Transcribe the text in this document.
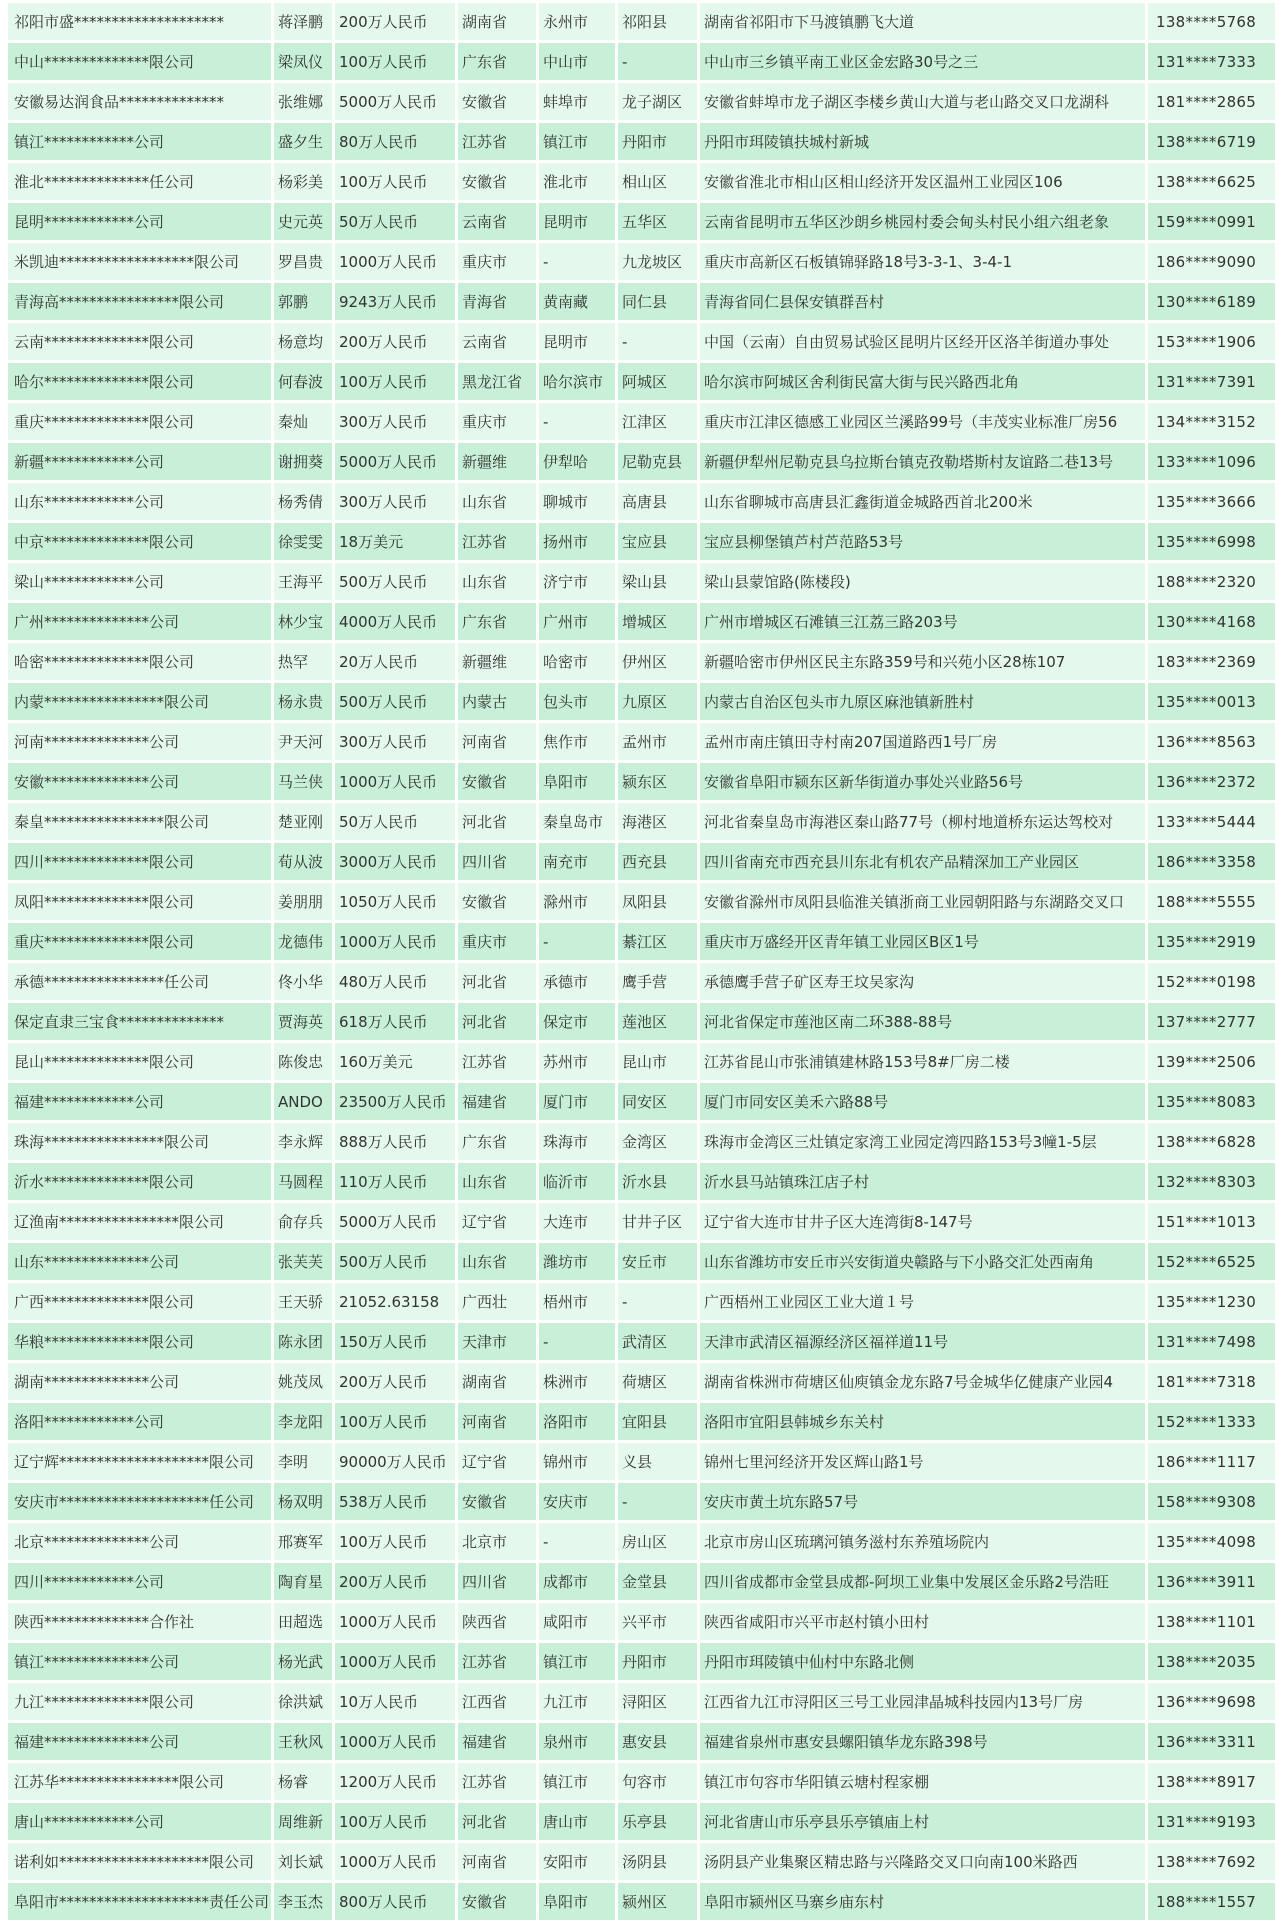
祁阳市盛********************	蒋泽鹏	200万人民币	湖南省	永州市	祁阳县	湖南省祁阳市下马渡镇鹏飞大道	138****5768
中山**************限公司	梁凤仪	100万人民币	广东省	中山市	-	中山市三乡镇平南工业区金宏路30号之三	131****7333
安徽易达润食品**************	张维娜	5000万人民币	安徽省	蚌埠市	龙子湖区	安徽省蚌埠市龙子湖区李楼乡黄山大道与老山路交叉口龙湖科	181****2865
镇江************公司	盛夕生	80万人民币	江苏省	镇江市	丹阳市	丹阳市珥陵镇扶城村新城	138****6719
淮北**************任公司	杨彩美	100万人民币	安徽省	淮北市	相山区	安徽省淮北市相山区相山经济开发区温州工业园区106	138****6625
昆明************公司	史元英	50万人民币	云南省	昆明市	五华区	云南省昆明市五华区沙朗乡桃园村委会甸头村民小组六组老象	159****0991
米凯迪******************限公司	罗昌贵	1000万人民币	重庆市	-	九龙坡区	重庆市高新区石板镇锦驿路18号3-3-1、3-4-1	186****9090
青海高****************限公司	郭鹏	9243万人民币	青海省	黄南藏	同仁县	青海省同仁县保安镇群吾村	130****6189
云南**************限公司	杨意均	200万人民币	云南省	昆明市	-	中国（云南）自由贸易试验区昆明片区经开区洛羊街道办事处	153****1906
哈尔**************限公司	何春波	100万人民币	黑龙江省	哈尔滨市	阿城区	哈尔滨市阿城区舍利街民富大街与民兴路西北角	131****7391
重庆**************限公司	秦灿	300万人民币	重庆市	-	江津区	重庆市江津区德感工业园区兰溪路99号（丰茂实业标准厂房56	134****3152
新疆************公司	谢拥葵	5000万人民币	新疆维	伊犁哈	尼勒克县	新疆伊犁州尼勒克县乌拉斯台镇克孜勒塔斯村友谊路二巷13号	133****1096
山东************公司	杨秀倩	300万人民币	山东省	聊城市	高唐县	山东省聊城市高唐县汇鑫街道金城路西首北200米	135****3666
中京**************限公司	徐雯雯	18万美元	江苏省	扬州市	宝应县	宝应县柳堡镇芦村芦范路53号	135****6998
梁山************公司	王海平	500万人民币	山东省	济宁市	梁山县	梁山县蒙馆路(陈楼段)	188****2320
广州**************公司	林少宝	4000万人民币	广东省	广州市	增城区	广州市增城区石滩镇三江荔三路203号	130****4168
哈密**************限公司	热罕	20万人民币	新疆维	哈密市	伊州区	新疆哈密市伊州区民主东路359号和兴苑小区28栋107	183****2369
内蒙****************限公司	杨永贵	500万人民币	内蒙古	包头市	九原区	内蒙古自治区包头市九原区麻池镇新胜村	135****0013
河南**************公司	尹天河	300万人民币	河南省	焦作市	孟州市	孟州市南庄镇田寺村南207国道路西1号厂房	136****8563
安徽**************公司	马兰侠	1000万人民币	安徽省	阜阳市	颍东区	安徽省阜阳市颍东区新华街道办事处兴业路56号	136****2372
秦皇****************限公司	楚亚刚	50万人民币	河北省	秦皇岛市	海港区	河北省秦皇岛市海港区秦山路77号（柳村地道桥东运达驾校对	133****5444
四川**************限公司	荀从波	3000万人民币	四川省	南充市	西充县	四川省南充市西充县川东北有机农产品精深加工产业园区	186****3358
凤阳**************限公司	姜朋朋	1050万人民币	安徽省	滁州市	凤阳县	安徽省滁州市凤阳县临淮关镇浙商工业园朝阳路与东湖路交叉口	188****5555
重庆**************限公司	龙德伟	1000万人民币	重庆市	-	綦江区	重庆市万盛经开区青年镇工业园区B区1号	135****2919
承德****************任公司	佟小华	480万人民币	河北省	承德市	鹰手营	承德鹰手营子矿区寿王坟吴家沟	152****0198
保定直隶三宝食**************	贾海英	618万人民币	河北省	保定市	莲池区	河北省保定市莲池区南二环388-88号	137****2777
昆山**************限公司	陈俊忠	160万美元	江苏省	苏州市	昆山市	江苏省昆山市张浦镇建林路153号8#厂房二楼	139****2506
福建************公司	ANDO	23500万人民币	福建省	厦门市	同安区	厦门市同安区美禾六路88号	135****8083
珠海****************限公司	李永辉	888万人民币	广东省	珠海市	金湾区	珠海市金湾区三灶镇定家湾工业园定湾四路153号3幢1-5层	138****6828
沂水**************限公司	马圆程	110万人民币	山东省	临沂市	沂水县	沂水县马站镇珠江店子村	132****8303
辽渔南****************限公司	俞存兵	5000万人民币	辽宁省	大连市	甘井子区	辽宁省大连市甘井子区大连湾街8-147号	151****1013
山东**************公司	张芙芙	500万人民币	山东省	潍坊市	安丘市	山东省潍坊市安丘市兴安街道央赣路与下小路交汇处西南角	152****6525
广西**************限公司	王天骄	21052.63158	广西壮	梧州市	-	广西梧州工业园区工业大道１号	135****1230
华粮**************限公司	陈永团	150万人民币	天津市	-	武清区	天津市武清区福源经济区福祥道11号	131****7498
湖南**************公司	姚茂凤	200万人民币	湖南省	株洲市	荷塘区	湖南省株洲市荷塘区仙庾镇金龙东路7号金城华亿健康产业园4	181****7318
洛阳************公司	李龙阳	100万人民币	河南省	洛阳市	宜阳县	洛阳市宜阳县韩城乡东关村	152****1333
辽宁辉********************限公司	李明	90000万人民币	辽宁省	锦州市	义县	锦州七里河经济开发区辉山路1号	186****1117
安庆市********************任公司	杨双明	538万人民币	安徽省	安庆市	-	安庆市黄土坑东路57号	158****9308
北京**************公司	邢赛军	100万人民币	北京市	-	房山区	北京市房山区琉璃河镇务滋村东养殖场院内	135****4098
四川************公司	陶育星	200万人民币	四川省	成都市	金堂县	四川省成都市金堂县成都-阿坝工业集中发展区金乐路2号浩旺	136****3911
陕西**************合作社	田超选	1000万人民币	陕西省	咸阳市	兴平市	陕西省咸阳市兴平市赵村镇小田村	138****1101
镇江**************公司	杨光武	1000万人民币	江苏省	镇江市	丹阳市	丹阳市珥陵镇中仙村中东路北侧	138****2035
九江**************限公司	徐洪斌	10万人民币	江西省	九江市	浔阳区	江西省九江市浔阳区三号工业园津晶城科技园内13号厂房	136****9698
福建**************公司	王秋风	1000万人民币	福建省	泉州市	惠安县	福建省泉州市惠安县螺阳镇华龙东路398号	136****3311
江苏华****************限公司	杨睿	1200万人民币	江苏省	镇江市	句容市	镇江市句容市华阳镇云塘村程家棚	138****8917
唐山************公司	周维新	100万人民币	河北省	唐山市	乐亭县	河北省唐山市乐亭县乐亭镇庙上村	131****9193
诺利如********************限公司	刘长斌	1000万人民币	河南省	安阳市	汤阴县	汤阴县产业集聚区精忠路与兴隆路交叉口向南100米路西	138****7692
阜阳市********************责任公司	李玉杰	800万人民币	安徽省	阜阳市	颍州区	阜阳市颍州区马寨乡庙东村	188****1557
